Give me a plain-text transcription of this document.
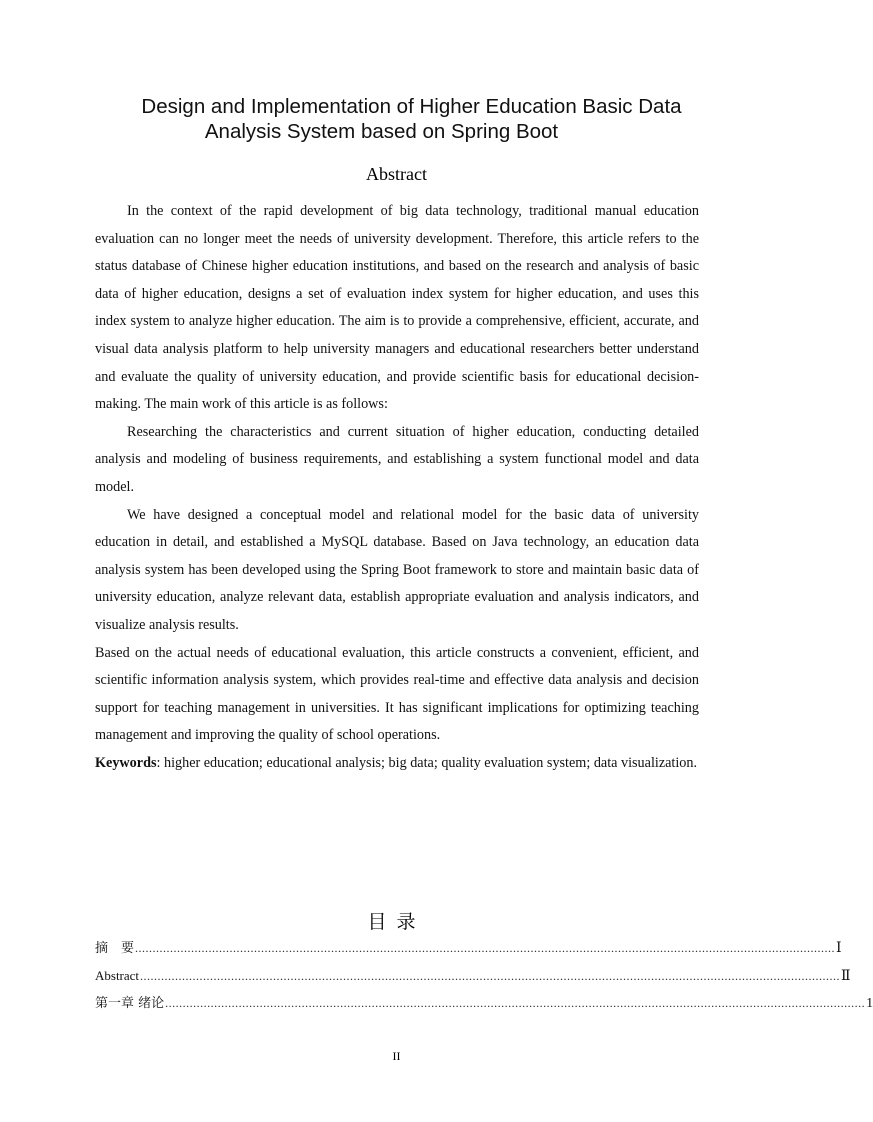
Design and Implementation of Higher Education Basic Data
Analysis System based on Spring Boot
Abstract

In the context of the rapid development of big data technology, traditional manual education evaluation can no longer meet the needs of university development. Therefore, this article refers to the status database of Chinese higher education institutions, and based on the research and analysis of basic data of higher education, designs a set of evaluation index system for higher education, and uses this index system to analyze higher education. The aim is to provide a comprehensive, efficient, accurate, and visual data analysis platform to help university managers and educational researchers better understand and evaluate the quality of university education, and provide scientific basis for educational decision-making. The main work of this article is as follows:

Researching the characteristics and current situation of higher education, conducting detailed analysis and modeling of business requirements, and establishing a system functional model and data model.

We have designed a conceptual model and relational model for the basic data of university education in detail, and established a MySQL database. Based on Java technology, an education data analysis system has been developed using the Spring Boot framework to store and maintain basic data of university education, analyze relevant data, establish appropriate evaluation and analysis indicators, and visualize analysis results.

Based on the actual needs of educational evaluation, this article constructs a convenient, efficient, and scientific information analysis system, which provides real-time and effective data analysis and decision support for teaching management in universities. It has significant implications for optimizing teaching management and improving the quality of school operations.

Keywords: higher education; educational analysis; big data; quality evaluation system; data visualization.

目录
摘　要 ........................................................................................................................................................................................................ Ⅰ
Abstract ........................................................................................................................................................................................................ Ⅱ
第一章 绪论 ........................................................................................................................................................................................................ 1
II
